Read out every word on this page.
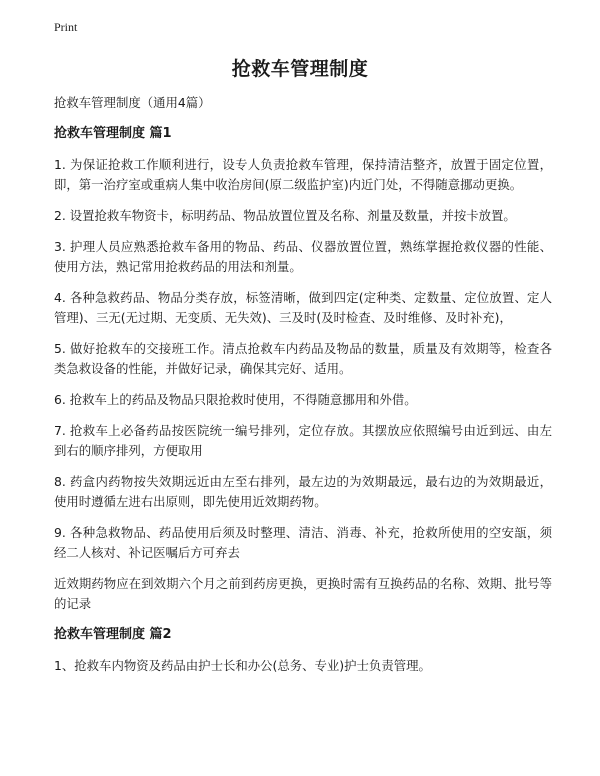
Print
抢救车管理制度

抢救车管理制度（通用4篇）

抢救车管理制度 篇1

1. 为保证抢救工作顺利进行，设专人负责抢救车管理，保持清洁整齐，放置于固定位置，即，第一治疗室或重病人集中收治房间(原二级监护室)内近门处，不得随意挪动更换。

2. 设置抢救车物资卡，标明药品、物品放置位置及名称、剂量及数量，并按卡放置。

3. 护理人员应熟悉抢救车备用的物品、药品、仪器放置位置，熟练掌握抢救仪器的性能、使用方法，熟记常用抢救药品的用法和剂量。

4. 各种急救药品、物品分类存放，标签清晰，做到四定(定种类、定数量、定位放置、定人管理)、三无(无过期、无变质、无失效)、三及时(及时检查、及时维修、及时补充)，

5. 做好抢救车的交接班工作。清点抢救车内药品及物品的数量，质量及有效期等，检查各类急救设备的性能，并做好记录，确保其完好、适用。

6. 抢救车上的药品及物品只限抢救时使用，不得随意挪用和外借。

7. 抢救车上必备药品按医院统一编号排列，定位存放。其摆放应依照编号由近到远、由左到右的顺序排列，方便取用

8. 药盒内药物按失效期远近由左至右排列，最左边的为效期最远，最右边的为效期最近，使用时遵循左进右出原则，即先使用近效期药物。

9. 各种急救物品、药品使用后须及时整理、清洁、消毒、补充，抢救所使用的空安瓿，须经二人核对、补记医嘱后方可弃去

近效期药物应在到效期六个月之前到药房更换，更换时需有互换药品的名称、效期、批号等的记录

抢救车管理制度 篇2

1、抢救车内物资及药品由护士长和办公(总务、专业)护士负责管理。
